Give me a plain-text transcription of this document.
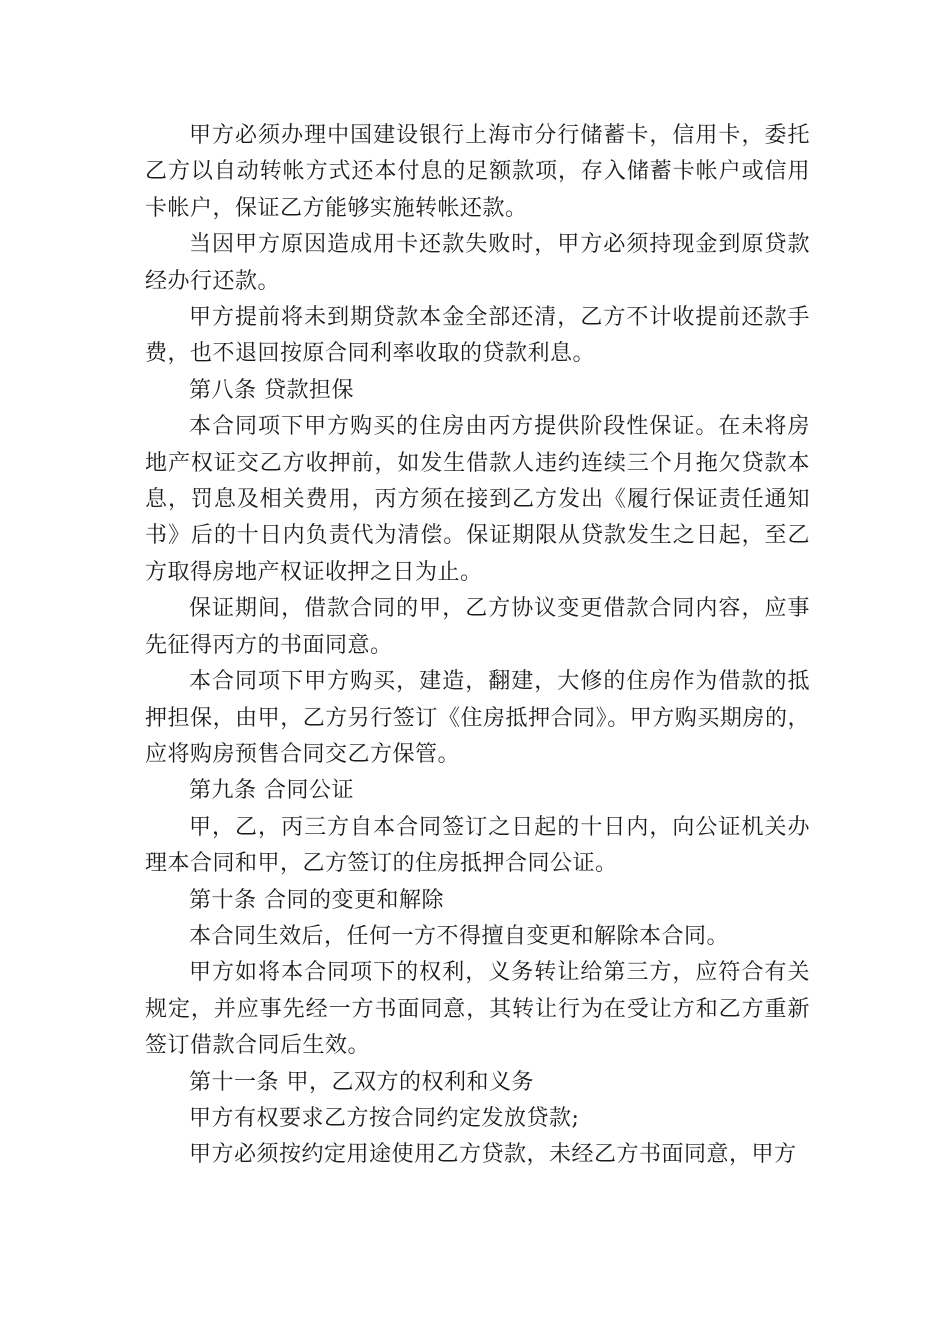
甲方必须办理中国建设银行上海市分行储蓄卡，信用卡，委托乙方以自动转帐方式还本付息的足额款项，存入储蓄卡帐户或信用卡帐户，保证乙方能够实施转帐还款。

当因甲方原因造成用卡还款失败时，甲方必须持现金到原贷款经办行还款。

甲方提前将未到期贷款本金全部还清，乙方不计收提前还款手费，也不退回按原合同利率收取的贷款利息。

第八条 贷款担保

本合同项下甲方购买的住房由丙方提供阶段性保证。在未将房地产权证交乙方收押前，如发生借款人违约连续三个月拖欠贷款本息，罚息及相关费用，丙方须在接到乙方发出《履行保证责任通知书》后的十日内负责代为清偿。保证期限从贷款发生之日起，至乙方取得房地产权证收押之日为止。

保证期间，借款合同的甲，乙方协议变更借款合同内容，应事先征得丙方的书面同意。

本合同项下甲方购买，建造，翻建，大修的住房作为借款的抵押担保，由甲，乙方另行签订《住房抵押合同》。甲方购买期房的，应将购房预售合同交乙方保管。

第九条 合同公证

甲，乙，丙三方自本合同签订之日起的十日内，向公证机关办理本合同和甲，乙方签订的住房抵押合同公证。

第十条 合同的变更和解除

本合同生效后，任何一方不得擅自变更和解除本合同。

甲方如将本合同项下的权利，义务转让给第三方，应符合有关规定，并应事先经一方书面同意，其转让行为在受让方和乙方重新签订借款合同后生效。

第十一条 甲，乙双方的权利和义务

甲方有权要求乙方按合同约定发放贷款;

甲方必须按约定用途使用乙方贷款，未经乙方书面同意，甲方
